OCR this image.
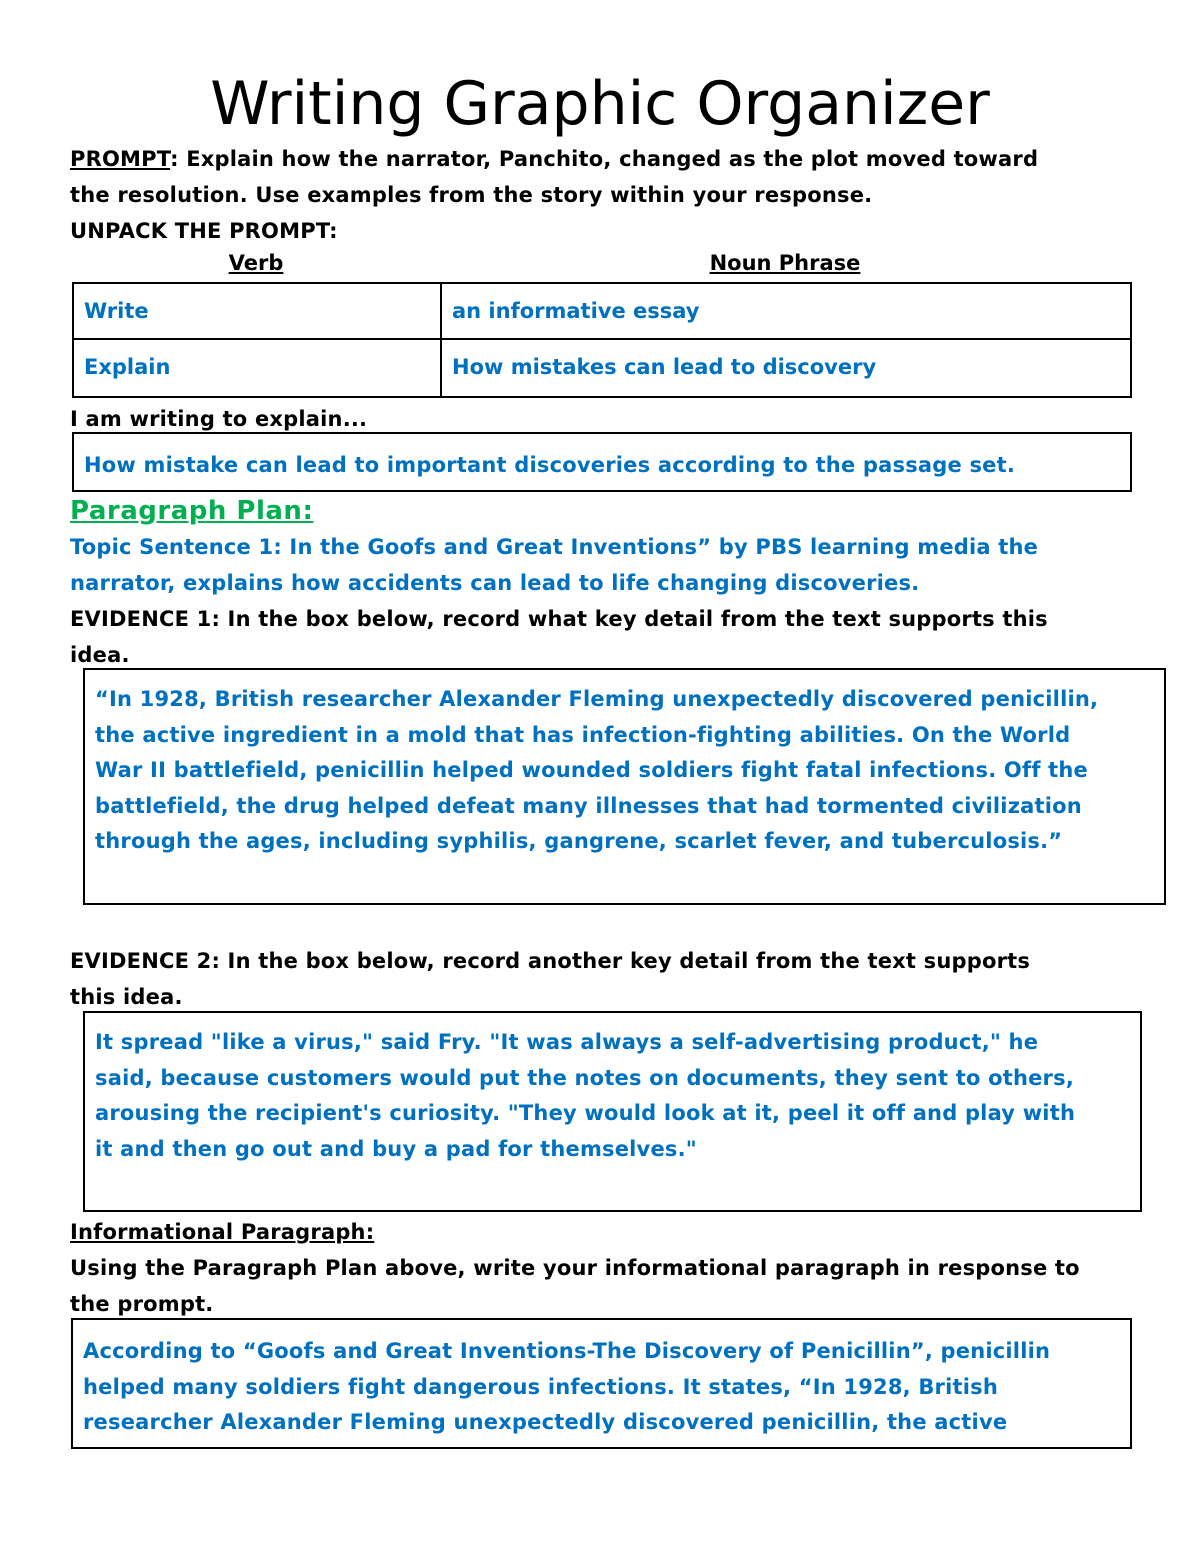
Writing Graphic Organizer
PROMPT: Explain how the narrator, Panchito, changed as the plot moved toward
the resolution. Use examples from the story within your response.
UNPACK THE PROMPT:
Verb	Noun Phrase
Write	an informative essay
Explain	How mistakes can lead to discovery
I am writing to explain...
How mistake can lead to important discoveries according to the passage set.
Paragraph Plan:
Topic Sentence 1: In the Goofs and Great Inventions” by PBS learning media the
narrator, explains how accidents can lead to life changing discoveries.
EVIDENCE 1: In the box below, record what key detail from the text supports this
idea.
“In 1928, British researcher Alexander Fleming unexpectedly discovered penicillin,
the active ingredient in a mold that has infection-fighting abilities. On the World
War II battlefield, penicillin helped wounded soldiers fight fatal infections. Off the
battlefield, the drug helped defeat many illnesses that had tormented civilization
through the ages, including syphilis, gangrene, scarlet fever, and tuberculosis.”
EVIDENCE 2: In the box below, record another key detail from the text supports
this idea.
It spread "like a virus," said Fry. "It was always a self-advertising product," he
said, because customers would put the notes on documents, they sent to others,
arousing the recipient's curiosity. "They would look at it, peel it off and play with
it and then go out and buy a pad for themselves."
Informational Paragraph:
Using the Paragraph Plan above, write your informational paragraph in response to
the prompt.
According to “Goofs and Great Inventions-The Discovery of Penicillin”, penicillin
helped many soldiers fight dangerous infections. It states, “In 1928, British
researcher Alexander Fleming unexpectedly discovered penicillin, the active
